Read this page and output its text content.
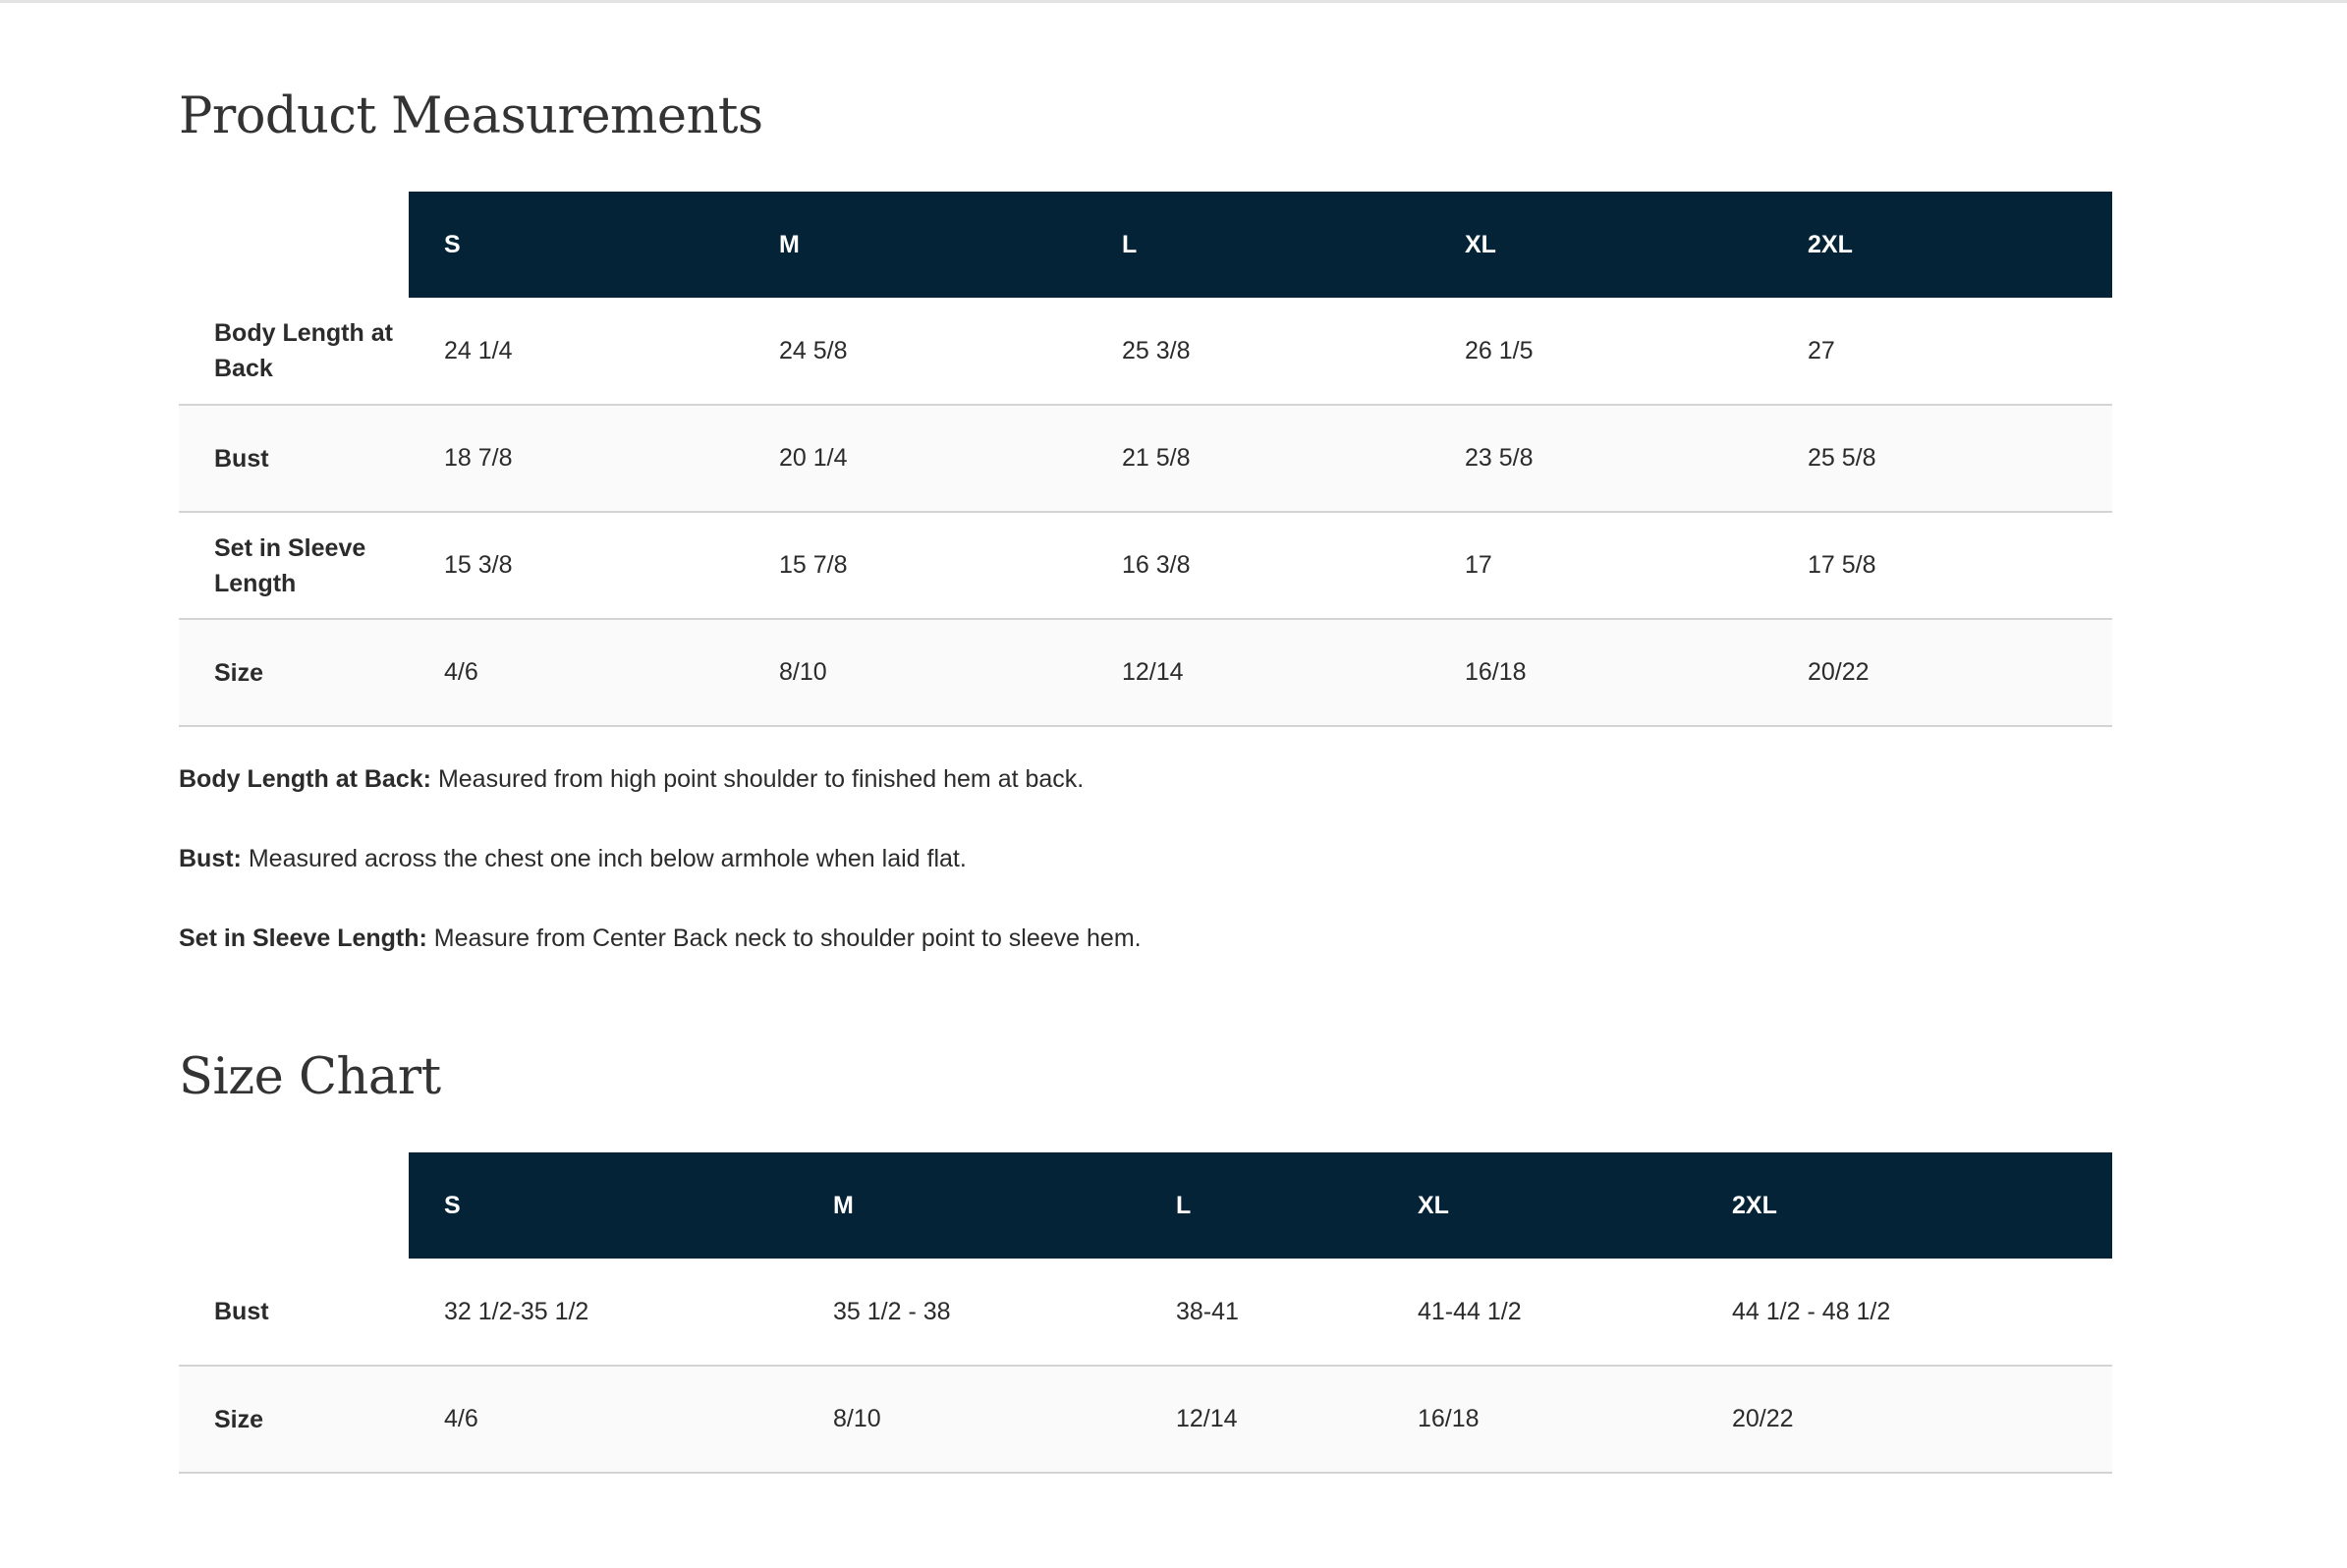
Product Measurements
	S	M	L	XL	2XL
Body Length at Back	24 1/4	24 5/8	25 3/8	26 1/5	27
Bust	18 7/8	20 1/4	21 5/8	23 5/8	25 5/8
Set in Sleeve Length	15 3/8	15 7/8	16 3/8	17	17 5/8
Size	4/6	8/10	12/14	16/18	20/22

Body Length at Back: Measured from high point shoulder to finished hem at back.

Bust: Measured across the chest one inch below armhole when laid flat.

Set in Sleeve Length: Measure from Center Back neck to shoulder point to sleeve hem.

Size Chart
	S	M	L	XL	2XL
Bust	32 1/2-35 1/2	35 1/2 - 38	38-41	41-44 1/2	44 1/2 - 48 1/2
Size	4/6	8/10	12/14	16/18	20/22
